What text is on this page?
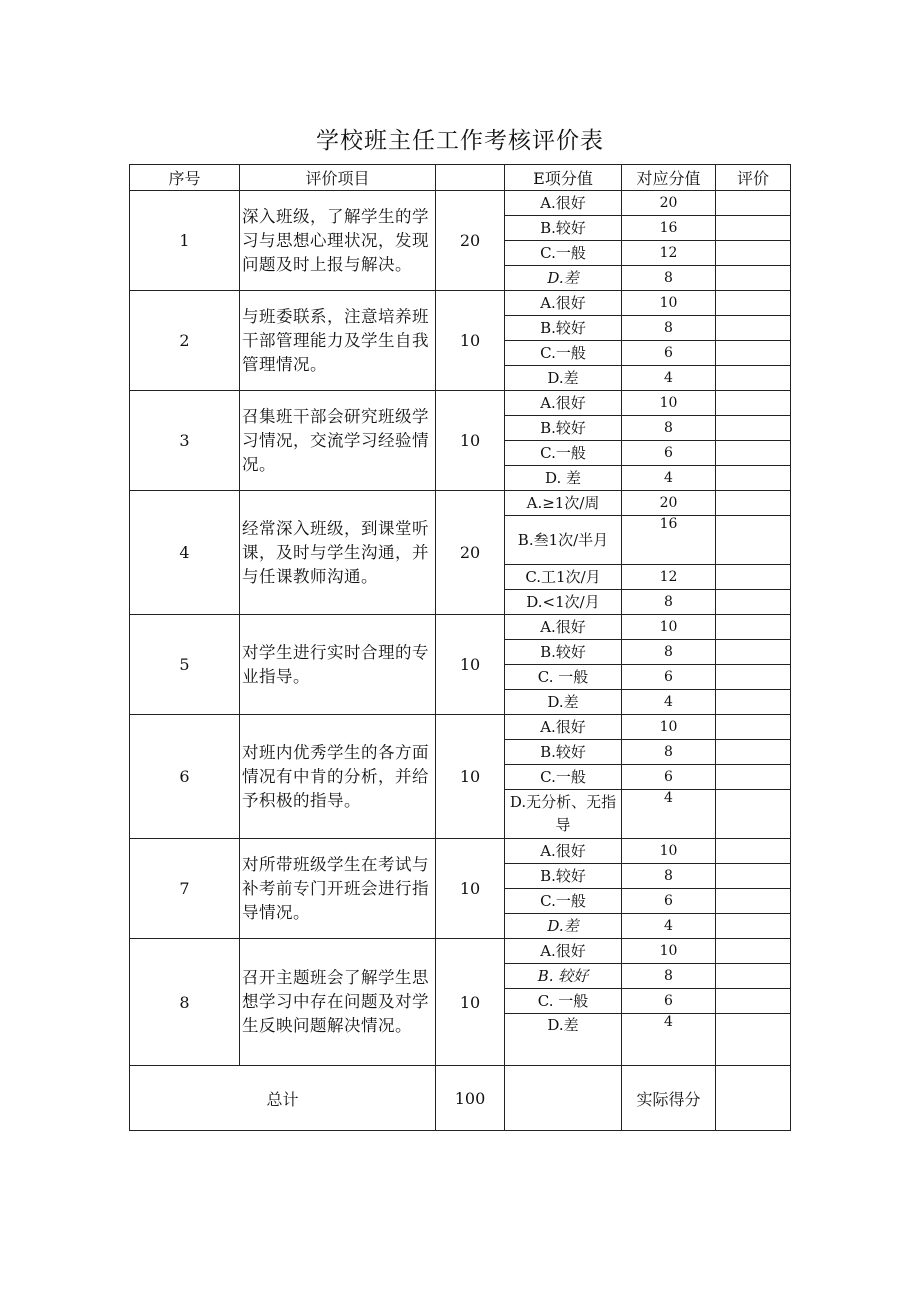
学校班主任工作考核评价表
序号	评价项目		E项分值	对应分值	评价
1	深入班级，了解学生的学习与思想心理状况，发现问题及时上报与解决。	20	A.很好	20	
			B.较好	16	
			C.一般	12	
			D.差	8	
2	与班委联系，注意培养班干部管理能力及学生自我管理情况。	10	A.很好	10	
			B.较好	8	
			C.一般	6	
			D.差	4	
3	召集班干部会研究班级学习情况，交流学习经验情况。	10	A.很好	10	
			B.较好	8	
			C.一般	6	
			D. 差	4	
4	经常深入班级，到课堂听课，及时与学生沟通，并与任课教师沟通。	20	A.≥1次/周	20	
			B.叁1次/半月	16	
			C.工1次/月	12	
			D.<1次/月	8	
5	对学生进行实时合理的专业指导。	10	A.很好	10	
			B.较好	8	
			C. 一般	6	
			D.差	4	
6	对班内优秀学生的各方面情况有中肯的分析，并给予积极的指导。	10	A.很好	10	
			B.较好	8	
			C.一般	6	
			D.无分析、无指导	4	
7	对所带班级学生在考试与补考前专门开班会进行指导情况。	10	A.很好	10	
			B.较好	8	
			C.一般	6	
			D.差	4	
8	召开主题班会了解学生思想学习中存在问题及对学生反映问题解决情况。	10	A.很好	10	
			B. 较好	8	
			C. 一般	6	
			D.差	4	
总计		100		实际得分	
